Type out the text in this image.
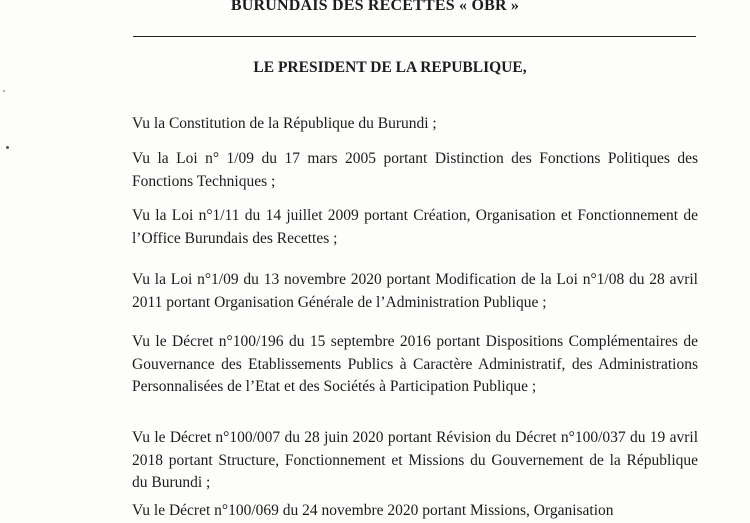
BURUNDAIS DES RECETTES « OBR »
LE PRESIDENT DE LA REPUBLIQUE,
Vu la Constitution de la République du Burundi ;
Vu la Loi n° 1/09 du 17 mars 2005 portant Distinction des Fonctions Politiques des Fonctions Techniques ;
Vu la Loi n°1/11 du 14 juillet 2009 portant Création, Organisation et Fonctionnement de l’Office Burundais des Recettes ;
Vu la Loi n°1/09 du 13 novembre 2020 portant Modification de la Loi n°1/08 du 28 avril 2011 portant Organisation Générale de l’Administration Publique ;
Vu le Décret n°100/196 du 15 septembre 2016 portant Dispositions Complémentaires de Gouvernance des Etablissements Publics à Caractère Administratif, des Administrations Personnalisées de l’Etat et des Sociétés à Participation Publique ;
Vu le Décret n°100/007 du 28 juin 2020 portant Révision du Décret n°100/037 du 19 avril 2018 portant Structure, Fonctionnement et Missions du Gouvernement de la République du Burundi ;
Vu le Décret n°100/069 du 24 novembre 2020 portant Missions, Organisation
